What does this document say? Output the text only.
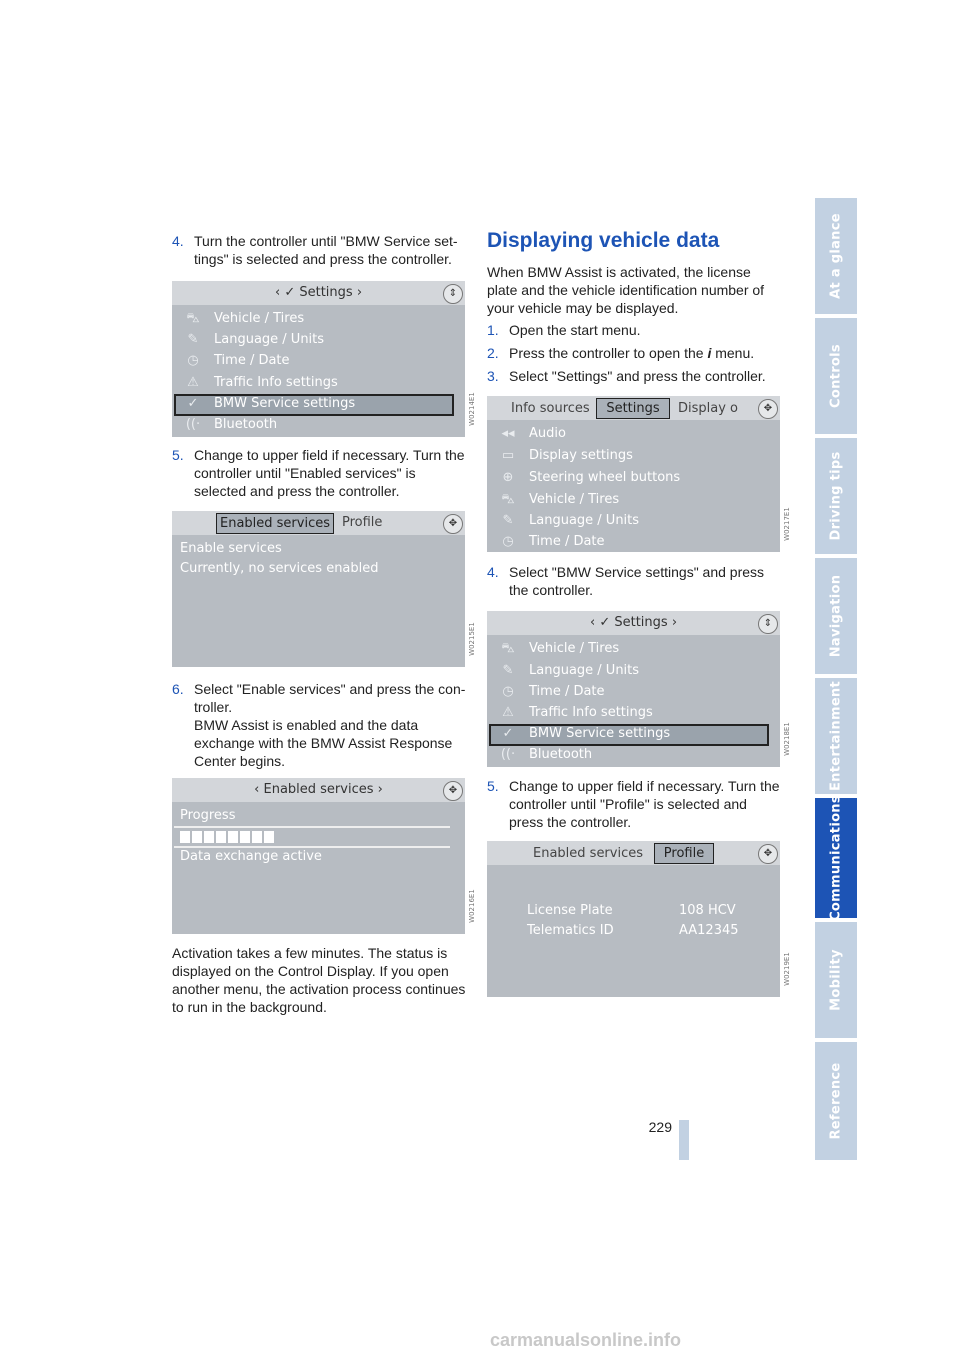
At a glance
Controls
Driving tips
Navigation
Entertainment
Communications
Mobility
Reference
4. Turn the controller until "BMW Service set-
tings" is selected and press the controller.
‹ ✓ Settings ›	⇕
⛍ Vehicle / Tires
✎ Language / Units
◷ Time / Date
⚠ Traffic Info settings
✓ BMW Service settings
((· Bluetooth	W0214E1
5. Change to upper field if necessary. Turn the
controller until "Enabled services" is
selected and press the controller.
Enabled services Profile	✥
Enable services
Currently, no services enabled
W0215E1
6. Select "Enable services" and press the con-
troller.
BMW Assist is enabled and the data
exchange with the BMW Assist Response
Center begins.
‹ Enabled services ›	✥
Progress
Data exchange active
W0216E1
Activation takes a few minutes. The status is
displayed on the Control Display. If you open
another menu, the activation process continues
to run in the background.
Displaying vehicle data
When BMW Assist is activated, the license
plate and the vehicle identification number of
your vehicle may be displayed.
1. Open the start menu.
2. Press the controller to open the i menu.
3. Select "Settings" and press the controller.
Info sources	Settings	Display o	✥
◂◂ Audio
▭ Display settings
⊕ Steering wheel buttons
⛍ Vehicle / Tires
✎ Language / Units
◷ Time / Date
W0217E1
4. Select "BMW Service settings" and press
the controller.
‹ ✓ Settings ›	⇕
⛍ Vehicle / Tires
✎ Language / Units
◷ Time / Date
⚠ Traffic Info settings
✓ BMW Service settings
((· Bluetooth	W0218E1
5. Change to upper field if necessary. Turn the
controller until "Profile" is selected and
press the controller.
Enabled services	Profile	✥
License Plate	108 HCV
Telematics ID	AA12345
W0219E1
229
carmanualsonline.info
